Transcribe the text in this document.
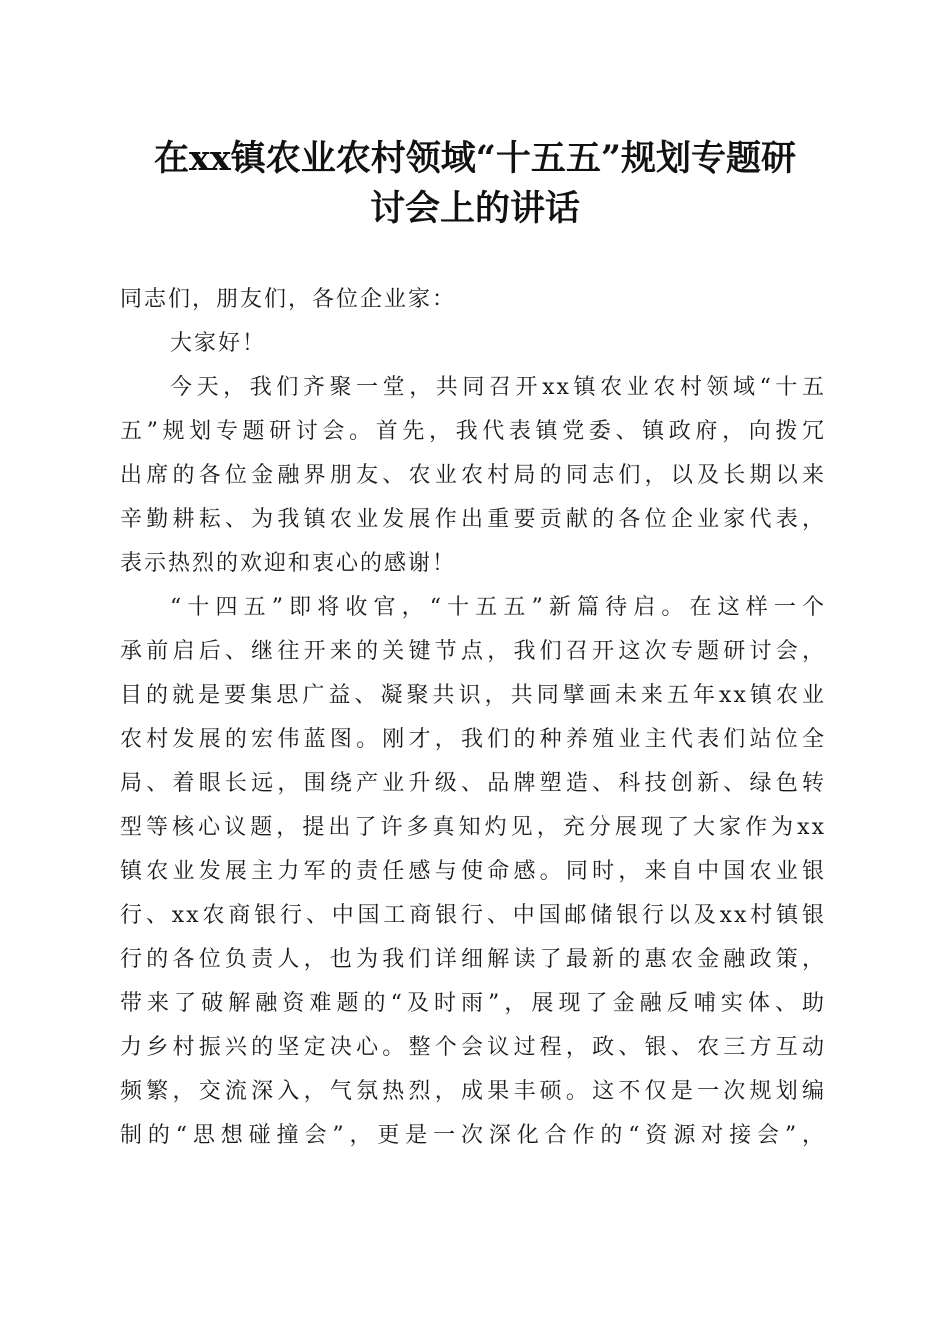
在xx镇农业农村领域“十五五”规划专题研
讨会上的讲话
同志们，朋友们，各位企业家：
大家好！
今天，我们齐聚一堂，共同召开xx镇农业农村领域“十五
五”规划专题研讨会。首先，我代表镇党委、镇政府，向拨冗
出席的各位金融界朋友、农业农村局的同志们，以及长期以来
辛勤耕耘、为我镇农业发展作出重要贡献的各位企业家代表，
表示热烈的欢迎和衷心的感谢！
“十四五”即将收官，“十五五”新篇待启。在这样一个
承前启后、继往开来的关键节点，我们召开这次专题研讨会，
目的就是要集思广益、凝聚共识，共同擘画未来五年xx镇农业
农村发展的宏伟蓝图。刚才，我们的种养殖业主代表们站位全
局、着眼长远，围绕产业升级、品牌塑造、科技创新、绿色转
型等核心议题，提出了许多真知灼见，充分展现了大家作为xx
镇农业发展主力军的责任感与使命感。同时，来自中国农业银
行、xx农商银行、中国工商银行、中国邮储银行以及xx村镇银
行的各位负责人，也为我们详细解读了最新的惠农金融政策，
带来了破解融资难题的“及时雨”，展现了金融反哺实体、助
力乡村振兴的坚定决心。整个会议过程，政、银、农三方互动
频繁，交流深入，气氛热烈，成果丰硕。这不仅是一次规划编
制的“思想碰撞会”，更是一次深化合作的“资源对接会”，
